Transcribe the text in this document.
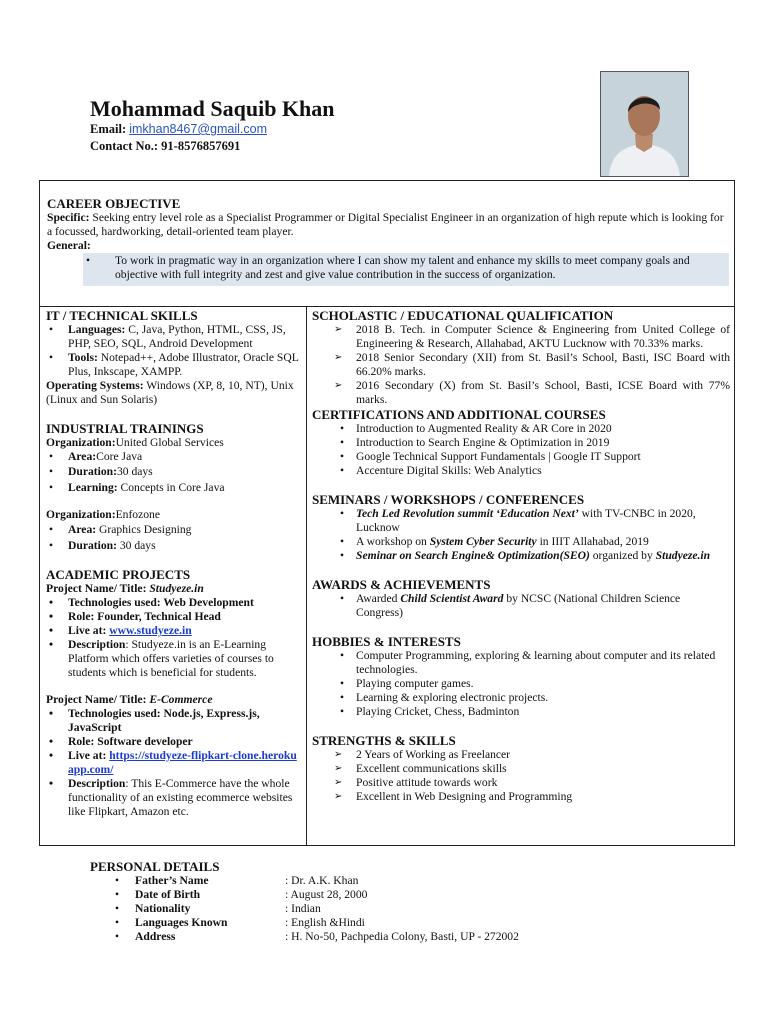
Mohammad Saquib Khan
Email: imkhan8467@gmail.com
Contact No.: 91-8576857691
CAREER OBJECTIVE
Specific: Seeking entry level role as a Specialist Programmer or Digital Specialist Engineer in an organization of high repute which is looking for a focussed, hardworking, detail-oriented team player.
General:
• To work in pragmatic way in an organization where I can show my talent and enhance my skills to meet company goals and objective with full integrity and zest and give value contribution in the success of organization.
IT / TECHNICAL SKILLS
• Languages: C, Java, Python, HTML, CSS, JS, PHP, SEO, SQL, Android Development
• Tools: Notepad++, Adobe Illustrator, Oracle SQL Plus, Inkscape, XAMPP.
Operating Systems: Windows (XP, 8, 10, NT), Unix (Linux and Sun Solaris)
INDUSTRIAL TRAININGS
Organization:United Global Services
• Area:Core Java
• Duration:30 days
• Learning: Concepts in Core Java
Organization:Enfozone
• Area: Graphics Designing
• Duration: 30 days
ACADEMIC PROJECTS
Project Name/ Title: Studyeze.in
• Technologies used: Web Development
• Role: Founder, Technical Head
• Live at: www.studyeze.in
• Description: Studyeze.in is an E-Learning Platform which offers varieties of courses to students which is beneficial for students.
Project Name/ Title: E-Commerce
• Technologies used: Node.js, Express.js, JavaScript
• Role: Software developer
• Live at: https://studyeze-flipkart-clone.herokuapp.com/
• Description: This E-Commerce have the whole functionality of an existing ecommerce websites like Flipkart, Amazon etc.
SCHOLASTIC / EDUCATIONAL QUALIFICATION
➢ 2018 B. Tech. in Computer Science & Engineering from United College of Engineering & Research, Allahabad, AKTU Lucknow with 70.33% marks.
➢ 2018 Senior Secondary (XII) from St. Basil’s School, Basti, ISC Board with 66.20% marks.
➢ 2016 Secondary (X) from St. Basil’s School, Basti, ICSE Board with 77% marks.
CERTIFICATIONS AND ADDITIONAL COURSES
• Introduction to Augmented Reality & AR Core in 2020
• Introduction to Search Engine & Optimization in 2019
• Google Technical Support Fundamentals | Google IT Support
• Accenture Digital Skills: Web Analytics
SEMINARS / WORKSHOPS / CONFERENCES
• Tech Led Revolution summit ‘Education Next’ with TV-CNBC in 2020, Lucknow
• A workshop on System Cyber Security in IIIT Allahabad, 2019
• Seminar on Search Engine& Optimization(SEO) organized by Studyeze.in
AWARDS & ACHIEVEMENTS
• Awarded Child Scientist Award by NCSC (National Children Science Congress)
HOBBIES & INTERESTS
• Computer Programming, exploring & learning about computer and its related technologies.
• Playing computer games.
• Learning & exploring electronic projects.
• Playing Cricket, Chess, Badminton
STRENGTHS & SKILLS
➢ 2 Years of Working as Freelancer
➢ Excellent communications skills
➢ Positive attitude towards work
➢ Excellent in Web Designing and Programming
PERSONAL DETAILS
• Father’s Name	: Dr. A.K. Khan
• Date of Birth	: August 28, 2000
• Nationality	: Indian
• Languages Known	: English &Hindi
• Address	: H. No-50, Pachpedia Colony, Basti, UP - 272002
